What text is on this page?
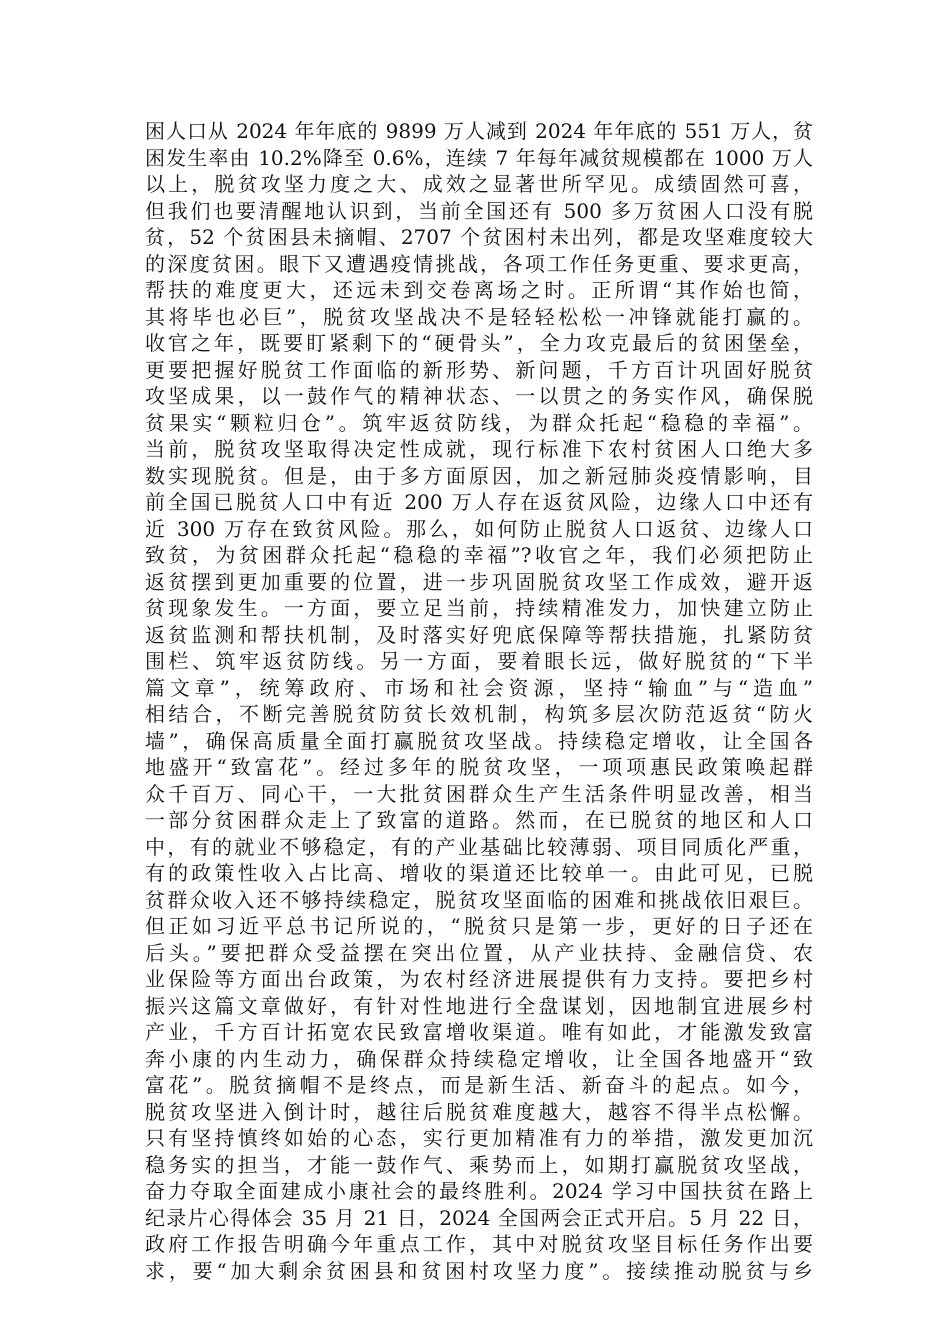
困人口从 2024 年年底的 9899 万人减到 2024 年年底的 551 万人，贫
困发生率由 10.2%降至 0.6%，连续 7 年每年减贫规模都在 1000 万人
以上，脱贫攻坚力度之大、成效之显著世所罕见。成绩固然可喜，
但我们也要清醒地认识到，当前全国还有 500 多万贫困人口没有脱
贫，52 个贫困县未摘帽、2707 个贫困村未出列，都是攻坚难度较大
的深度贫困。眼下又遭遇疫情挑战，各项工作任务更重、要求更高，
帮扶的难度更大，还远未到交卷离场之时。正所谓“其作始也简，
其将毕也必巨”，脱贫攻坚战决不是轻轻松松一冲锋就能打赢的。
收官之年，既要盯紧剩下的“硬骨头”，全力攻克最后的贫困堡垒，
更要把握好脱贫工作面临的新形势、新问题，千方百计巩固好脱贫
攻坚成果，以一鼓作气的精神状态、一以贯之的务实作风，确保脱
贫果实“颗粒归仓”。筑牢返贫防线，为群众托起“稳稳的幸福”。
当前，脱贫攻坚取得决定性成就，现行标准下农村贫困人口绝大多
数实现脱贫。但是，由于多方面原因，加之新冠肺炎疫情影响，目
前全国已脱贫人口中有近 200 万人存在返贫风险，边缘人口中还有
近 300 万存在致贫风险。那么，如何防止脱贫人口返贫、边缘人口
致贫，为贫困群众托起“稳稳的幸福”?收官之年，我们必须把防止
返贫摆到更加重要的位置，进一步巩固脱贫攻坚工作成效，避开返
贫现象发生。一方面，要立足当前，持续精准发力，加快建立防止
返贫监测和帮扶机制，及时落实好兜底保障等帮扶措施，扎紧防贫
围栏、筑牢返贫防线。另一方面，要着眼长远，做好脱贫的“下半
篇文章”，统筹政府、市场和社会资源，坚持“输血”与“造血”
相结合，不断完善脱贫防贫长效机制，构筑多层次防范返贫“防火
墙”，确保高质量全面打赢脱贫攻坚战。持续稳定增收，让全国各
地盛开“致富花”。经过多年的脱贫攻坚，一项项惠民政策唤起群
众千百万、同心干，一大批贫困群众生产生活条件明显改善，相当
一部分贫困群众走上了致富的道路。然而，在已脱贫的地区和人口
中，有的就业不够稳定，有的产业基础比较薄弱、项目同质化严重，
有的政策性收入占比高、增收的渠道还比较单一。由此可见，已脱
贫群众收入还不够持续稳定，脱贫攻坚面临的困难和挑战依旧艰巨。
但正如习近平总书记所说的，“脱贫只是第一步，更好的日子还在
后头。”要把群众受益摆在突出位置，从产业扶持、金融信贷、农
业保险等方面出台政策，为农村经济进展提供有力支持。要把乡村
振兴这篇文章做好，有针对性地进行全盘谋划，因地制宜进展乡村
产业，千方百计拓宽农民致富增收渠道。唯有如此，才能激发致富
奔小康的内生动力，确保群众持续稳定增收，让全国各地盛开“致
富花”。脱贫摘帽不是终点，而是新生活、新奋斗的起点。如今，
脱贫攻坚进入倒计时，越往后脱贫难度越大，越容不得半点松懈。
只有坚持慎终如始的心态，实行更加精准有力的举措，激发更加沉
稳务实的担当，才能一鼓作气、乘势而上，如期打赢脱贫攻坚战，
奋力夺取全面建成小康社会的最终胜利。2024 学习中国扶贫在路上
纪录片心得体会 35 月 21 日，2024 全国两会正式开启。5 月 22 日，
政府工作报告明确今年重点工作，其中对脱贫攻坚目标任务作出要
求，要“加大剩余贫困县和贫困村攻坚力度”。接续推动脱贫与乡
